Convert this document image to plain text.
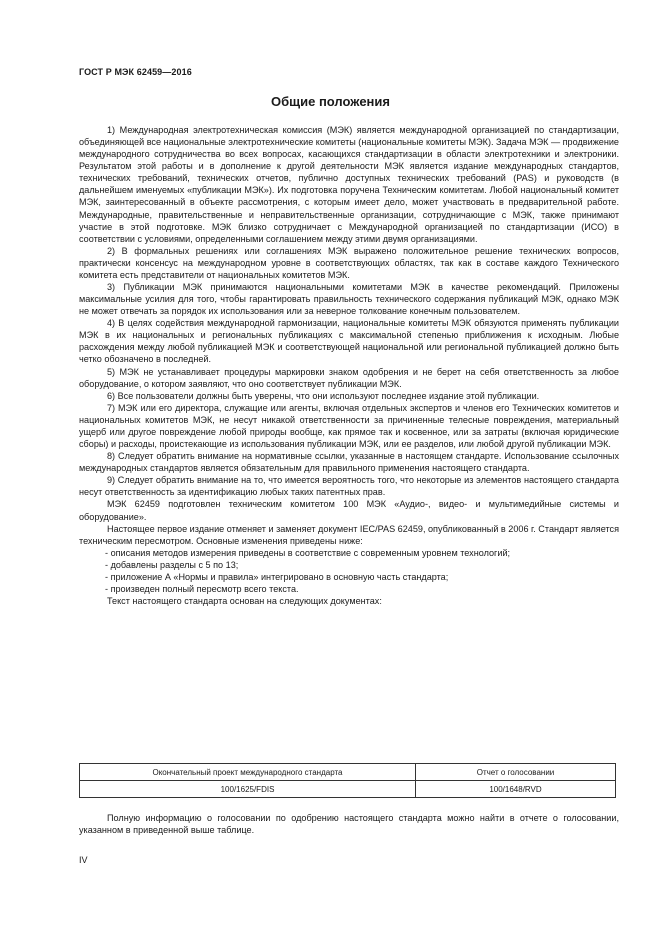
ГОСТ Р МЭК 62459—2016
Общие положения

1) Международная электротехническая комиссия (МЭК) является международной организацией по стандартизации, объединяющей все национальные электротехнические комитеты (национальные комитеты МЭК). Задача МЭК — продвижение международного сотрудничества во всех вопросах, касающихся стандартизации в области электротехники и электроники. Результатом этой работы и в дополнение к другой деятельности МЭК является издание международных стандартов, технических требований, технических отчетов, публично доступных технических требований (PAS) и руководств (в дальнейшем именуемых «публикации МЭК»). Их подготовка поручена Техническим комитетам. Любой национальный комитет МЭК, заинтересованный в объекте рассмотрения, с которым имеет дело, может участвовать в предварительной работе. Международные, правительственные и неправительственные организации, сотрудничающие с МЭК, также принимают участие в этой подготовке. МЭК близко сотрудничает с Международной организацией по стандартизации (ИСО) в соответствии с условиями, определенными соглашением между этими двумя организациями.

2) В формальных решениях или соглашениях МЭК выражено положительное решение технических вопросов, практически консенсус на международном уровне в соответствующих областях, так как в составе каждого Технического комитета есть представители от национальных комитетов МЭК.

3) Публикации МЭК принимаются национальными комитетами МЭК в качестве рекомендаций. Приложены максимальные усилия для того, чтобы гарантировать правильность технического содержания публикаций МЭК, однако МЭК не может отвечать за порядок их использования или за неверное толкование конечным пользователем.

4) В целях содействия международной гармонизации, национальные комитеты МЭК обязуются применять публикации МЭК в их национальных и региональных публикациях с максимальной степенью приближения к исходным. Любые расхождения между любой публикацией МЭК и соответствующей национальной или региональной публикацией должно быть четко обозначено в последней.

5) МЭК не устанавливает процедуры маркировки знаком одобрения и не берет на себя ответственность за любое оборудование, о котором заявляют, что оно соответствует публикации МЭК.

6) Все пользователи должны быть уверены, что они используют последнее издание этой публикации.

7) МЭК или его директора, служащие или агенты, включая отдельных экспертов и членов его Технических комитетов и национальных комитетов МЭК, не несут никакой ответственности за причиненные телесные повреждения, материальный ущерб или другое повреждение любой природы вообще, как прямое так и косвенное, или за затраты (включая юридические сборы) и расходы, проистекающие из использования публикации МЭК, или ее разделов, или любой другой публикации МЭК.

8) Следует обратить внимание на нормативные ссылки, указанные в настоящем стандарте. Использование ссылочных международных стандартов является обязательным для правильного применения настоящего стандарта.

9) Следует обратить внимание на то, что имеется вероятность того, что некоторые из элементов настоящего стандарта несут ответственность за идентификацию любых таких патентных прав.

МЭК 62459 подготовлен техническим комитетом 100 МЭК «Аудио-, видео- и мультимедийные системы и оборудование».

Настоящее первое издание отменяет и заменяет документ IEC/PAS 62459, опубликованный в 2006 г. Стандарт является техническим пересмотром. Основные изменения приведены ниже:

- описания методов измерения приведены в соответствие с современным уровнем технологий;
- добавлены разделы с 5 по 13;
- приложение А «Нормы и правила» интегрировано в основную часть стандарта;
- произведен полный пересмотр всего текста.

Текст настоящего стандарта основан на следующих документах:

Окончательный проект международного стандарта	Отчет о голосовании
100/1625/FDIS	100/1648/RVD

Полную информацию о голосовании по одобрению настоящего стандарта можно найти в отчете о голосовании, указанном в приведенной выше таблице.

IV
